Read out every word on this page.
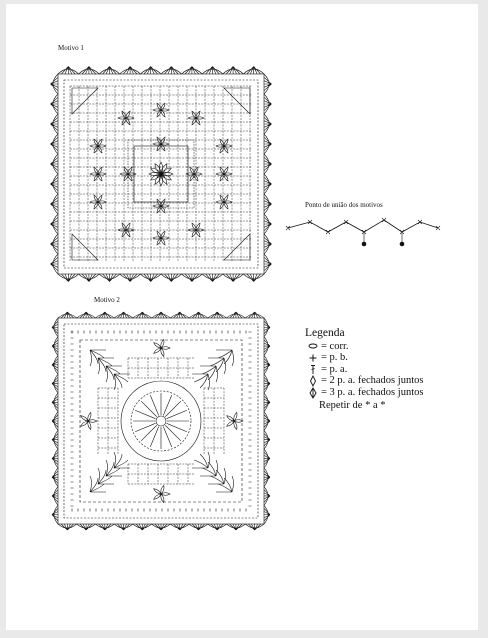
Motivo 1
Motivo 2
Ponto de união dos motivos
Legenda
= corr.
= p. b.
= p. a.
= 2 p. a. fechados juntos
= 3 p. a. fechados juntos
Repetir de * a *
